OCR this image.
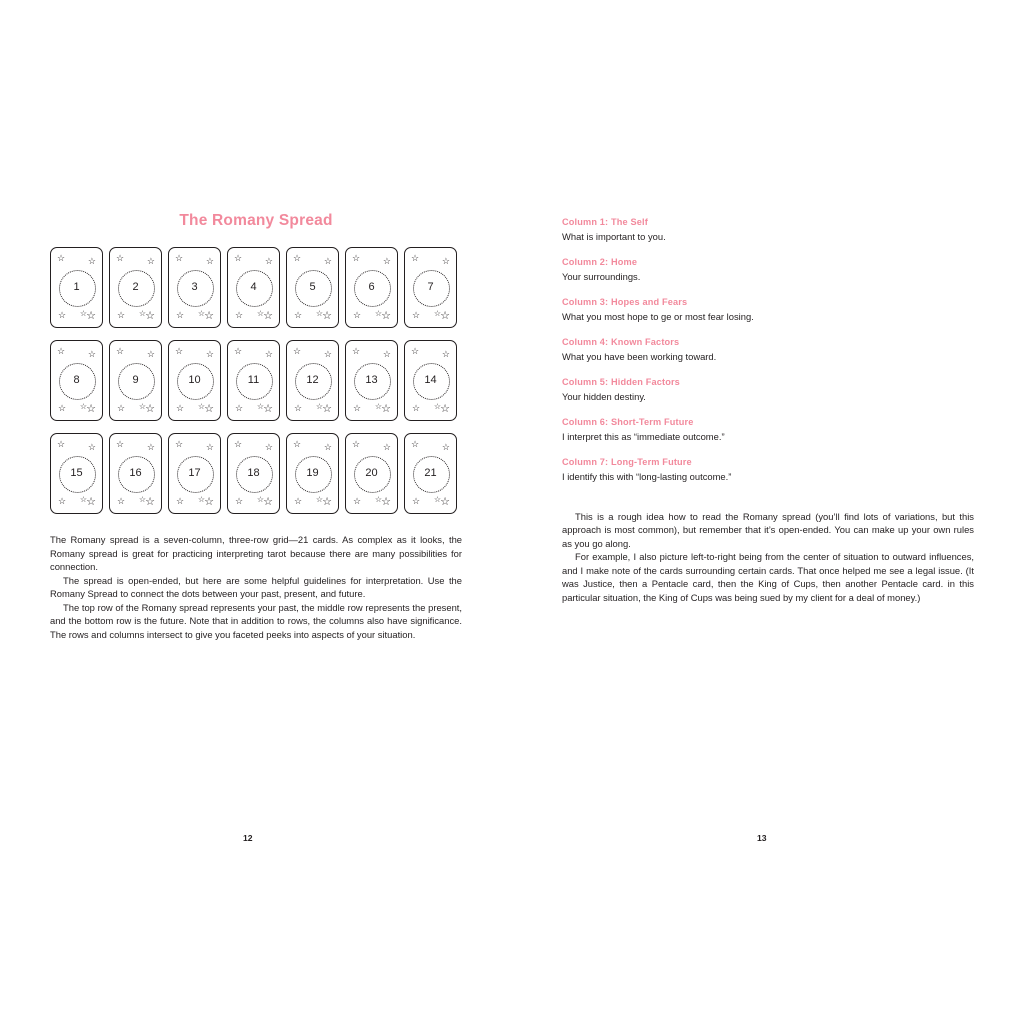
The Romany Spread
☆	☆
1
☆ ☆
☆
☆	☆
2
☆ ☆
☆
☆	☆
3
☆ ☆
☆
☆	☆
4
☆ ☆
☆
☆	☆
5
☆ ☆
☆
☆	☆
6
☆ ☆
☆
☆	☆
7
☆ ☆
☆
☆	☆
8
☆ ☆
☆
☆	☆
9
☆ ☆
☆
☆	☆
10
☆ ☆
☆
☆	☆
11
☆ ☆
☆
☆	☆
12
☆ ☆
☆
☆	☆
13
☆ ☆
☆
☆	☆
14
☆ ☆
☆
☆	☆
15
☆ ☆
☆
☆	☆
16
☆ ☆
☆
☆	☆
17
☆ ☆
☆
☆	☆
18
☆ ☆
☆
☆	☆
19
☆ ☆
☆
☆	☆
20
☆ ☆
☆
☆	☆
21
☆ ☆
☆

The Romany spread is a seven-column, three-row grid—21 cards. As complex as it looks, the Romany spread is great for practicing interpreting tarot because there are many possibilities for connection.

The spread is open-ended, but here are some helpful guidelines for interpretation. Use the Romany Spread to connect the dots between your past, present, and future.

The top row of the Romany spread represents your past, the middle row represents the present, and the bottom row is the future. Note that in addition to rows, the columns also have significance. The rows and columns intersect to give you faceted peeks into aspects of your situation.

Column 1: The Self
What is important to you.
Column 2: Home
Your surroundings.
Column 3: Hopes and Fears
What you most hope to ge or most fear losing.
Column 4: Known Factors
What you have been working toward.
Column 5: Hidden Factors
Your hidden destiny.
Column 6: Short-Term Future
I interpret this as “immediate outcome.”
Column 7: Long-Term Future
I identify this with “long-lasting outcome.”

This is a rough idea how to read the Romany spread (you’ll find lots of variations, but this approach is most common), but remember that it’s open-ended. You can make up your own rules as you go along.

For example, I also picture left-to-right being from the center of situation to outward influences, and I make note of the cards surrounding certain cards. That once helped me see a legal issue. (It was Justice, then a Pentacle card, then the King of Cups, then another Pentacle card. in this particular situation, the King of Cups was being sued by my client for a deal of money.)

12	13
